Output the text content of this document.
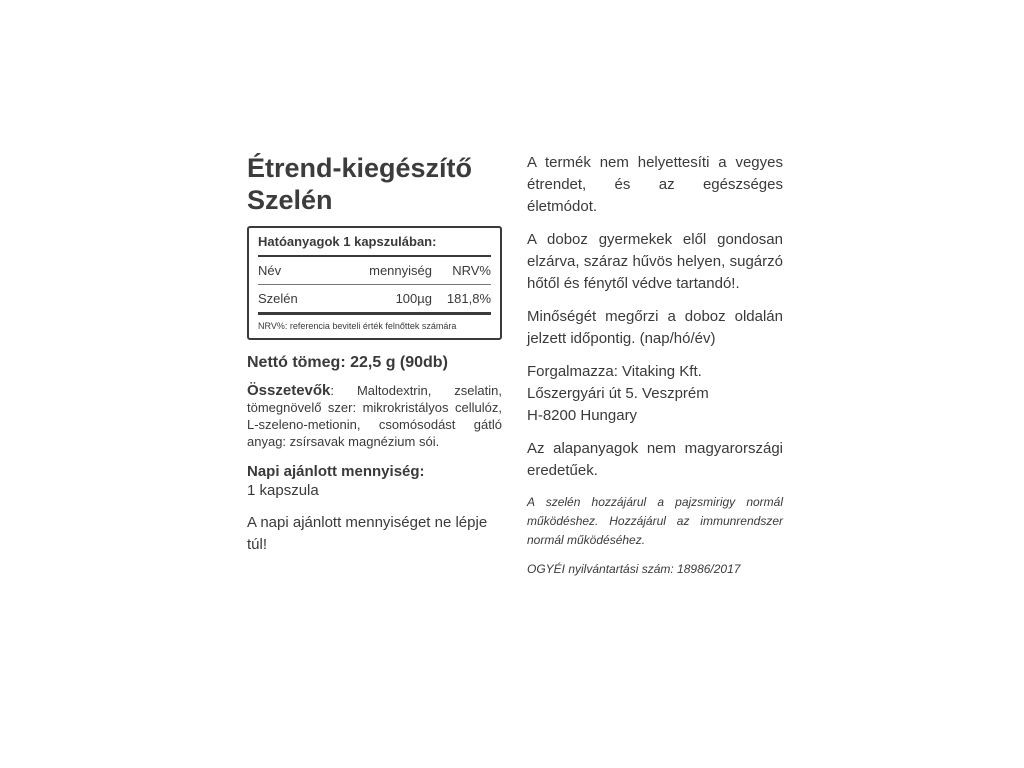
Étrend-kiegészítő
Szelén
Hatóanyagok 1 kapszulában:
Név	mennyiség	NRV%
Szelén	100µg	181,8%
NRV%: referencia beviteli érték felnőttek számára
Nettó tömeg: 22,5 g (90db)
Összetevők: Maltodextrin, zselatin, tömegnövelő szer: mikrokristályos cellulóz, L-szeleno-metionin, csomósodást gátló anyag: zsírsavak magnézium sói.
Napi ajánlott mennyiség:
1 kapszula
A napi ajánlott mennyiséget ne lépje túl!

A termék nem helyettesíti a vegyes étrendet, és az egészséges életmódot.

A doboz gyermekek elől gondosan elzárva, száraz hűvös helyen, sugárzó hőtől és fénytől védve tartandó!.

Minőségét megőrzi a doboz oldalán jelzett időpontig. (nap/hó/év)

Forgalmazza: Vitaking Kft.
Lőszergyári út 5. Veszprém
H-8200 Hungary

Az alapanyagok nem magyarországi eredetűek.

A szelén hozzájárul a pajzsmirigy normál működéshez. Hozzájárul az immunrendszer normál működéséhez.

OGYÉI nyilvántartási szám: 18986/2017
